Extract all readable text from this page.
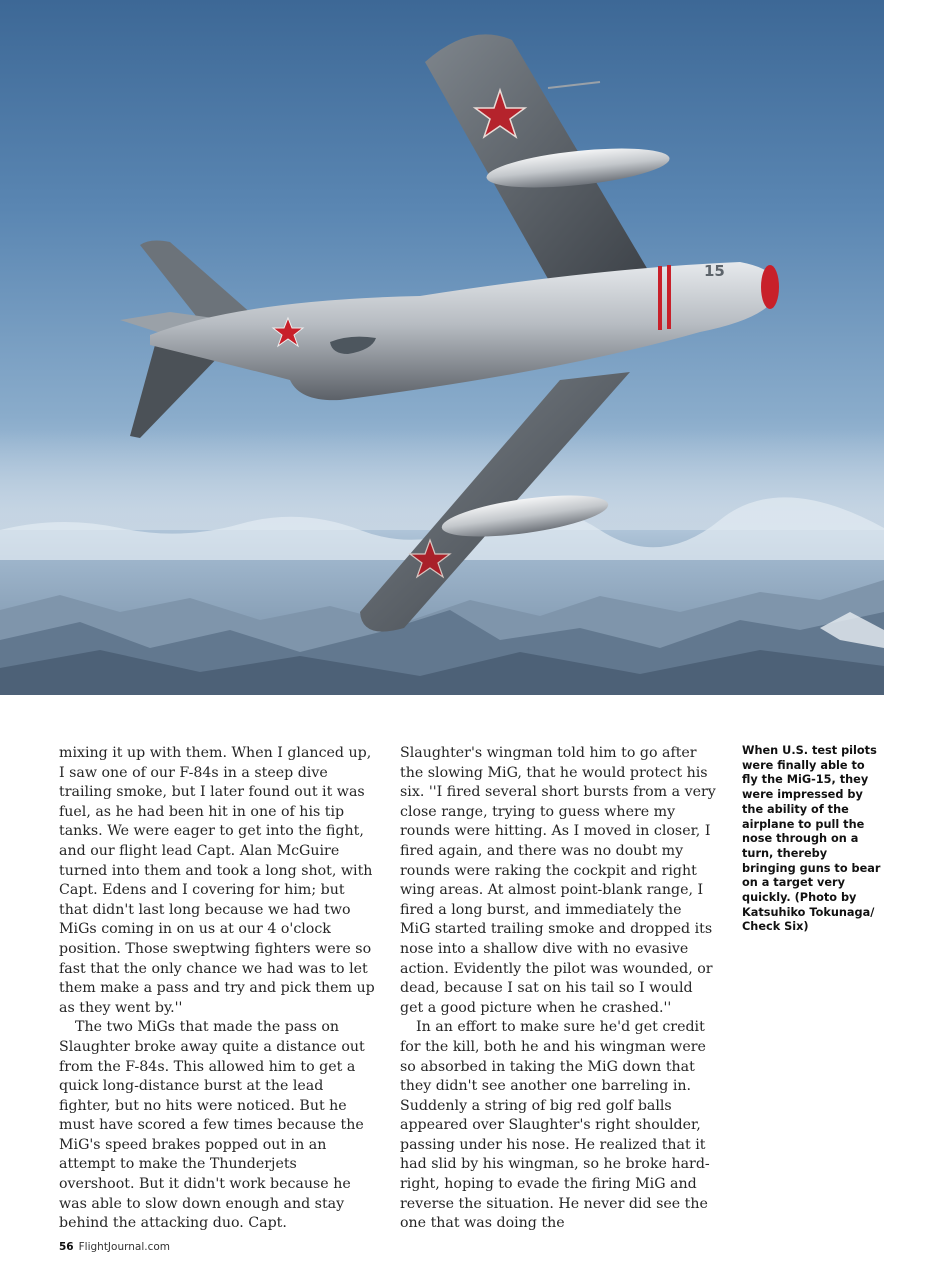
15

mixing it up with them. When I glanced up, I saw one of our F-84s in a steep dive trailing smoke, but I later found out it was fuel, as he had been hit in one of his tip tanks. We were eager to get into the fight, and our flight lead Capt. Alan McGuire turned into them and took a long shot, with Capt. Edens and I covering for him; but that didn't last long because we had two MiGs coming in on us at our 4 o'clock position. Those sweptwing fighters were so fast that the only chance we had was to let them make a pass and try and pick them up as they went by.''

The two MiGs that made the pass on Slaughter broke away quite a distance out from the F-84s. This allowed him to get a quick long-distance burst at the lead fighter, but no hits were noticed. But he must have scored a few times because the MiG's speed brakes popped out in an attempt to make the Thunderjets overshoot. But it didn't work because he was able to slow down enough and stay behind the attacking duo. Capt.

Slaughter's wingman told him to go after the slowing MiG, that he would protect his six. ''I fired several short bursts from a very close range, trying to guess where my rounds were hitting. As I moved in closer, I fired again, and there was no doubt my rounds were raking the cockpit and right wing areas. At almost point-blank range, I fired a long burst, and immediately the MiG started trailing smoke and dropped its nose into a shallow dive with no evasive action. Evidently the pilot was wounded, or dead, because I sat on his tail so I would get a good picture when he crashed.''

In an effort to make sure he'd get credit for the kill, both he and his wingman were so absorbed in taking the MiG down that they didn't see another one barreling in. Suddenly a string of big red golf balls appeared over Slaughter's right shoulder, passing under his nose. He realized that it had slid by his wingman, so he broke hard-right, hoping to evade the firing MiG and reverse the situation. He never did see the one that was doing the

When U.S. test pilots were finally able to fly the MiG-15, they were impressed by the ability of the airplane to pull the nose through on a turn, thereby bringing guns to bear on a target very quickly. (Photo by Katsuhiko Tokunaga/ Check Six)

56 FlightJournal.com
